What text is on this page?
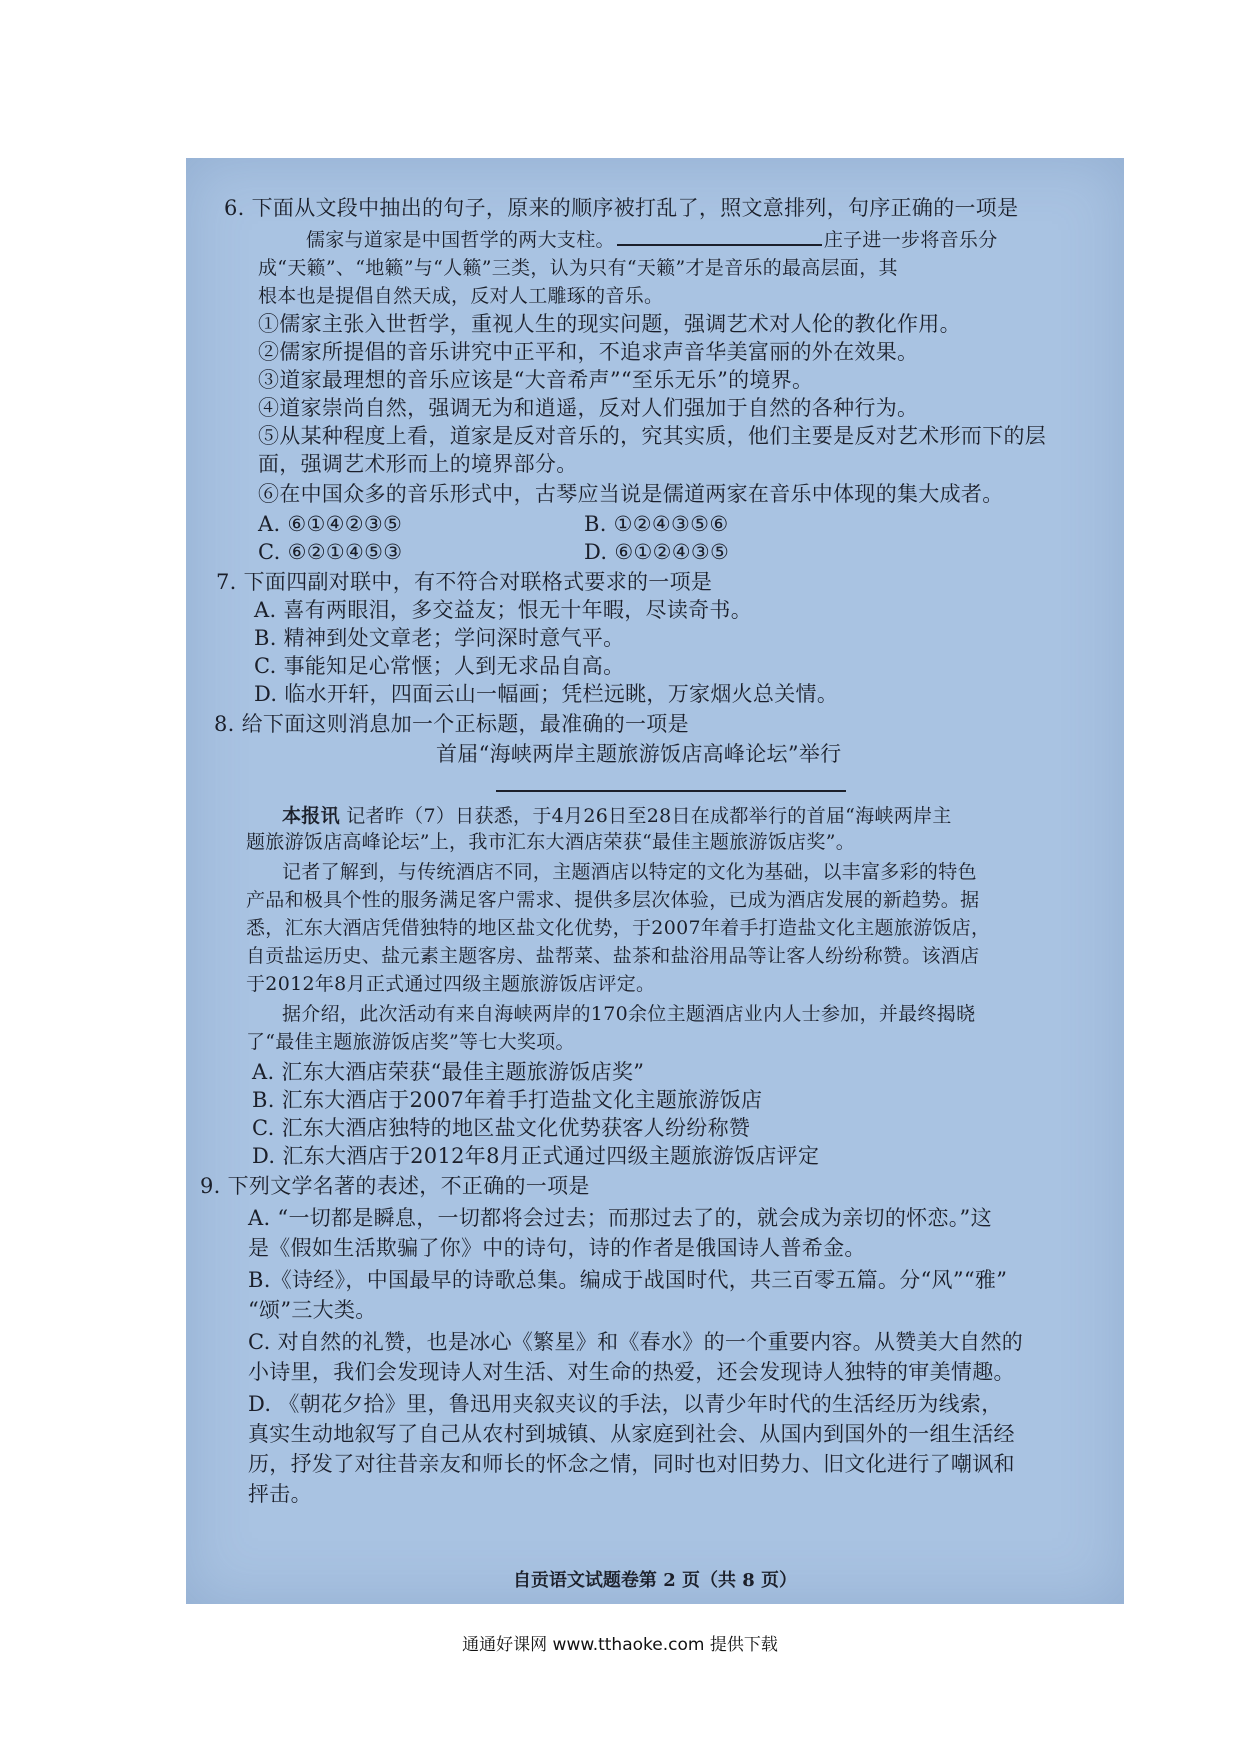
6. 下面从文段中抽出的句子，原来的顺序被打乱了，照文意排列，句序正确的一项是
儒家与道家是中国哲学的两大支柱。	庄子进一步将音乐分
成“天籁”、“地籁”与“人籁”三类，认为只有“天籁”才是音乐的最高层面，其
根本也是提倡自然天成，反对人工雕琢的音乐。
①儒家主张入世哲学，重视人生的现实问题，强调艺术对人伦的教化作用。
②儒家所提倡的音乐讲究中正平和，不追求声音华美富丽的外在效果。
③道家最理想的音乐应该是“大音希声”“至乐无乐”的境界。
④道家崇尚自然，强调无为和逍遥，反对人们强加于自然的各种行为。
⑤从某种程度上看，道家是反对音乐的，究其实质，他们主要是反对艺术形而下的层
面，强调艺术形而上的境界部分。
⑥在中国众多的音乐形式中，古琴应当说是儒道两家在音乐中体现的集大成者。
A. ⑥①④②③⑤	B. ①②④③⑤⑥
C. ⑥②①④⑤③	D. ⑥①②④③⑤
7. 下面四副对联中，有不符合对联格式要求的一项是
A. 喜有两眼泪，多交益友；恨无十年暇，尽读奇书。
B. 精神到处文章老；学问深时意气平。
C. 事能知足心常惬；人到无求品自高。
D. 临水开轩，四面云山一幅画；凭栏远眺，万家烟火总关情。
8. 给下面这则消息加一个正标题，最准确的一项是
首届“海峡两岸主题旅游饭店高峰论坛”举行
本报讯 记者昨（7）日获悉，于4月26日至28日在成都举行的首届“海峡两岸主
题旅游饭店高峰论坛”上，我市汇东大酒店荣获“最佳主题旅游饭店奖”。
记者了解到，与传统酒店不同，主题酒店以特定的文化为基础，以丰富多彩的特色
产品和极具个性的服务满足客户需求、提供多层次体验，已成为酒店发展的新趋势。据
悉，汇东大酒店凭借独特的地区盐文化优势，于2007年着手打造盐文化主题旅游饭店，
自贡盐运历史、盐元素主题客房、盐帮菜、盐茶和盐浴用品等让客人纷纷称赞。该酒店
于2012年8月正式通过四级主题旅游饭店评定。
据介绍，此次活动有来自海峡两岸的170余位主题酒店业内人士参加，并最终揭晓
了“最佳主题旅游饭店奖”等七大奖项。
A. 汇东大酒店荣获“最佳主题旅游饭店奖”
B. 汇东大酒店于2007年着手打造盐文化主题旅游饭店
C. 汇东大酒店独特的地区盐文化优势获客人纷纷称赞
D. 汇东大酒店于2012年8月正式通过四级主题旅游饭店评定
9. 下列文学名著的表述，不正确的一项是
A. “一切都是瞬息，一切都将会过去；而那过去了的，就会成为亲切的怀恋。”这
是《假如生活欺骗了你》中的诗句，诗的作者是俄国诗人普希金。
B.《诗经》，中国最早的诗歌总集。编成于战国时代，共三百零五篇。分“风”“雅”
“颂”三大类。
C. 对自然的礼赞，也是冰心《繁星》和《春水》的一个重要内容。从赞美大自然的
小诗里，我们会发现诗人对生活、对生命的热爱，还会发现诗人独特的审美情趣。
D. 《朝花夕拾》里，鲁迅用夹叙夹议的手法，以青少年时代的生活经历为线索，
真实生动地叙写了自己从农村到城镇、从家庭到社会、从国内到国外的一组生活经
历，抒发了对往昔亲友和师长的怀念之情，同时也对旧势力、旧文化进行了嘲讽和
抨击。
自贡语文试题卷第 2 页（共 8 页）
通通好课网 www.tthaoke.com 提供下载
